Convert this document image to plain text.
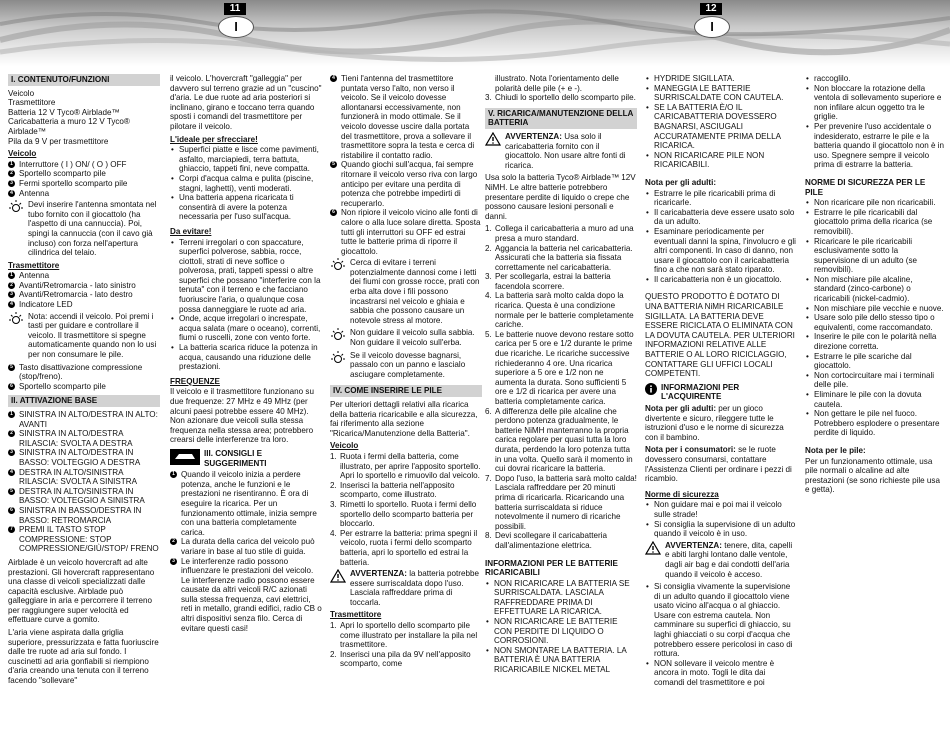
11
I
12
I
I. CONTENUTO/FUNZIONI
Veicolo
Trasmettitore
Batteria 12 V Tyco® Airblade™
Caricabatteria a muro 12 V Tyco® Airblade™
Pila da 9 V per trasmettitore
Veicolo
1 Interruttore ( I ) ON/ ( O ) OFF
2 Sportello scomparto pile
3 Fermi sportello scomparto pile
4 Antenna
Devi inserire l'antenna smontata nel tubo fornito con il giocattolo (ha l'aspetto di una cannuccia). Poi, spingi la cannuccia (con il cavo già incluso) con forza nell'apertura cilindrica del telaio.
Trasmettitore
1 Antenna
2 Avanti/Retromarcia - lato sinistro
3 Avanti/Retromarcia - lato destro
4 Indicatore LED
Nota: accendi il veicolo. Poi premi i tasti per guidare e controllare il veicolo. Il trasmettitore si spegne automaticamente quando non lo usi per non consumare le pile.
5 Tasto disattivazione compressione (stop/freno).
6 Sportello scomparto pile
II. ATTIVAZIONE BASE
1 SINISTRA IN ALTO/DESTRA IN ALTO: AVANTI
2 SINISTRA IN ALTO/DESTRA RILASCIA: SVOLTA A DESTRA
3 SINISTRA IN ALTO/DESTRA IN BASSO: VOLTEGGIO A DESTRA
4 DESTRA IN ALTO/SINISTRA RILASCIA: SVOLTA A SINISTRA
5 DESTRA IN ALTO/SINISTRA IN BASSO: VOLTEGGIO A SINISTRA
6 SINISTRA IN BASSO/DESTRA IN BASSO: RETROMARCIA
7 PREMI IL TASTO STOP COMPRESSIONE: STOP COMPRESSIONE/GIÙ/STOP/ FRENO
Airblade è un veicolo hovercraft ad alte prestazioni. Gli hovercraft rappresentano una classe di veicoli specializzati dalle capacità esclusive. Airblade può galleggiare in aria e percorrere il terreno per raggiungere super velocità ed effettuare curve a gomito.
L'aria viene aspirata dalla griglia superiore, pressurizzata e fatta fuoriuscire dalle tre ruote ad aria sul fondo. I cuscinetti ad aria gonfiabili si riempiono d'aria creando una tenuta con il terreno facendo "sollevare"
il veicolo. L'hovercraft "galleggia" per davvero sul terreno grazie ad un "cuscino" d'aria. Le due ruote ad aria posteriori si inclinano, girano e toccano terra quando sposti i comandi del trasmettitore per pilotare il veicolo.
L'ideale per sfrecciare!
• Superfici piatte e lisce come pavimenti, asfalto, marciapiedi, terra battuta, ghiaccio, tappeti fini, neve compatta.
• Corpi d'acqua calma e pulita (piscine, stagni, laghetti), venti moderati.
• Una batteria appena ricaricata ti consentirà di avere la potenza necessaria per l'uso sull'acqua.
Da evitare!
• Terreni irregolari o con spaccature, superfici polverose, sabbia, rocce, ciottoli, strati di neve soffice o polverosa, prati, tappeti spessi o altre superfici che possano "interferire con la tenuta" con il terreno e che facciano fuoriuscire l'aria, o qualunque cosa possa danneggiare le ruote ad aria.
• Onde, acque irregolari o increspate, acqua salata (mare o oceano), correnti, fiumi o ruscelli, zone con vento forte.
• La batteria scarica riduce la potenza in acqua, causando una riduzione delle prestazioni.
FREQUENZE
Il veicolo e il trasmettitore funzionano su due frequenze: 27 MHz e 49 MHz (per alcuni paesi potrebbe essere 40 MHz). Non azionare due veicoli sulla stessa frequenza nella stessa area; potrebbero crearsi delle interferenze tra loro.
III. CONSIGLI E SUGGERIMENTI
1 Quando il veicolo inizia a perdere potenza, anche le funzioni e le prestazioni ne risentiranno. È ora di eseguire la ricarica. Per un funzionamento ottimale, inizia sempre con una batteria completamente carica.
2 La durata della carica del veicolo può variare in base al tuo stile di guida.
3 Le interferenze radio possono influenzare le prestazioni del veicolo. Le interferenze radio possono essere causate da altri veicoli R/C azionati sulla stessa frequenza, cavi elettrici, reti in metallo, grandi edifici, radio CB o altri dispositivi senza filo. Cerca di evitare questi casi!
4 Tieni l'antenna del trasmettitore puntata verso l'alto, non verso il veicolo. Se il veicolo dovesse allontanarsi eccessivamente, non funzionerà in modo ottimale. Se il veicolo dovesse uscire dalla portata del trasmettitore, prova a sollevare il trasmettitore sopra la testa e cerca di ristabilire il contatto radio.
5 Quando giochi sull'acqua, fai sempre ritornare il veicolo verso riva con largo anticipo per evitare una perdita di potenza che potrebbe impedirti di recuperarlo.
6 Non ripiore il veicolo vicino alle fonti di calore o alla luce solare diretta. Sposta tutti gli interruttori su OFF ed estrai tutte le batterie prima di riporre il giocattolo.
Cerca di evitare i terreni potenzialmente dannosi come i letti dei fiumi con grosse rocce, prati con erba alta dove i fili possono incastrarsi nel veicolo e ghiaia e sabbia che possono causare un notevole stress al motore.
Non guidare il veicolo sulla sabbia. Non guidare il veicolo sull'erba.
Se il veicolo dovesse bagnarsi, passalo con un panno e lascialo asciugare completamente.
IV. COME INSERIRE LE PILE
Per ulteriori dettagli relativi alla ricarica della batteria ricaricabile e alla sicurezza, fai riferimento alla sezione "Ricarica/Manutenzione della Batteria".
Veicolo
1. Ruota i fermi della batteria, come illustrato, per aprire l'apposito sportello. Apri lo sportello e rimuovilo dal veicolo.
2. Inserisci la batteria nell'apposito scomparto, come illustrato.
3. Rimetti lo sportello. Ruota i fermi dello sportello dello scomparto batteria per bloccarlo.
4. Per estrarre la batteria: prima spegni il veicolo, ruota i fermi dello scomparto batteria, apri lo sportello ed estrai la batteria.
AVVERTENZA: la batteria potrebbe essere surriscaldata dopo l'uso. Lasciala raffreddare prima di toccarla.
Trasmettitore
1. Apri lo sportello dello scomparto pile come illustrato per installare la pila nel trasmettitore.
2. Inserisci una pila da 9V nell'apposito scomparto, come
illustrato. Nota l'orientamento delle polarità delle pile (+ e -).
3. Chiudi lo sportello dello scomparto pile.
V. RICARICA/MANUTENZIONE DELLA BATTERIA
AVVERTENZA: Usa solo il caricabatteria fornito con il giocattolo. Non usare altre fonti di ricarica.
Usa solo la batteria Tyco® Airblade™ 12V NiMH. Le altre batterie potrebbero presentare perdite di liquido o crepe che possono causare lesioni personali e danni.
1. Collega il caricabatteria a muro ad una presa a muro standard.
2. Aggancia la batteria nel caricabatteria. Assicurati che la batteria sia fissata correttamente nel caricabatteria.
3. Per scollegarla, estrai la batteria facendola scorrere.
4. La batteria sarà molto calda dopo la ricarica. Questa è una condizione normale per le batterie completamente cariche.
5. Le batterie nuove devono restare sotto carica per 5 ore e 1/2 durante le prime due ricariche. Le ricariche successive richiederanno 4 ore. Una ricarica superiore a 5 ore e 1/2 non ne aumenta la durata. Sono sufficienti 5 ore e 1/2 di ricarica per avere una batteria completamente carica.
6. A differenza delle pile alcaline che perdono potenza gradualmente, le batterie NiMH manterranno la propria carica regolare per quasi tutta la loro durata, perdendo la loro potenza tutta in una volta. Quello sarà il momento in cui dovrai ricaricare la batteria.
7. Dopo l'uso, la batteria sarà molto calda! Lasciala raffreddare per 20 minuti prima di ricaricarla. Ricaricando una batteria surriscaldata si riduce notevolmente il numero di ricariche possibili.
8. Devi scollegare il caricabatteria dall'alimentazione elettrica.
INFORMAZIONI PER LE BATTERIE RICARICABILI
• NON RICARICARE LA BATTERIA SE SURRISCALDATA. LASCIALA RAFFREDDARE PRIMA DI EFFETTUARE LA RICARICA.
• NON RICARICARE LE BATTERIE CON PERDITE DI LIQUIDO O CORROSIONI.
• NON SMONTARE LA BATTERIA. LA BATTERIA È UNA BATTERIA RICARICABILE NICKEL METAL
• HYDRIDE SIGILLATA.
• MANEGGIA LE BATTERIE SURRISCALDATE CON CAUTELA.
• SE LA BATTERIA È/O IL CARICABATTERIA DOVESSERO BAGNARSI, ASCIUGALI ACCURATAMENTE PRIMA DELLA RICARICA.
• NON RICARICARE PILE NON RICARICABILI.
Nota per gli adulti:
• Estrarre le pile ricaricabili prima di ricaricarle.
• Il caricabatteria deve essere usato solo da un adulto.
• Esaminare periodicamente per eventuali danni la spina, l'involucro e gli altri componenti. In caso di danno, non usare il giocattolo con il caricabatteria fino a che non sarà stato riparato.
• Il caricabatteria non è un giocattolo.
QUESTO PRODOTTO È DOTATO DI UNA BATTERIA NiMH RICARICABILE SIGILLATA. LA BATTERIA DEVE ESSERE RICICLATA O ELIMINATA CON LA DOVUTA CAUTELA. PER ULTERIORI INFORMAZIONI RELATIVE ALLE BATTERIE O AL LORO RICICLAGGIO, CONTATTARE GLI UFFICI LOCALI COMPETENTI.
INFORMAZIONI PER L'ACQUIRENTE
Nota per gli adulti: per un gioco divertente e sicuro, rileggere tutte le istruzioni d'uso e le norme di sicurezza con il bambino.
Nota per i consumatori: se le ruote dovessero consumarsi, contattare l'Assistenza Clienti per ordinare i pezzi di ricambio.
Norme di sicurezza
• Non guidare mai e poi mai il veicolo sulle strade!
• Si consiglia la supervisione di un adulto quando il veicolo è in uso.
AVVERTENZA: tenere, dita, capelli e abiti larghi lontano dalle ventole, dagli air bag e dai condotti dell'aria quando il veicolo è acceso.
• Si consiglia vivamente la supervisione di un adulto quando il giocattolo viene usato vicino all'acqua o al ghiaccio. Usare con estrema cautela. Non camminare su superfici di ghiaccio, su laghi ghiacciati o su corpi d'acqua che potrebbero essere pericolosi in caso di rottura.
• NON sollevare il veicolo mentre è ancora in moto. Togli le dita dai comandi del trasmettitore e poi
• raccoglilo.
• Non bloccare la rotazione della ventola di sollevamento superiore e non infilare alcun oggetto tra le griglie.
• Per prevenire l'uso accidentale o indesiderato, estrarre le pile e la batteria quando il giocattolo non è in uso. Spegnere sempre il veicolo prima di estrarre la batteria.
NORME DI SICUREZZA PER LE PILE
• Non ricaricare pile non ricaricabili.
• Estrarre le pile ricaricabili dal giocattolo prima della ricarica (se removibili).
• Ricaricare le pile ricaricabili esclusivamente sotto la supervisione di un adulto (se removibili).
• Non mischiare pile alcaline, standard (zinco-carbone) o ricaricabili (nickel-cadmio).
• Non mischiare pile vecchie e nuove.
• Usare solo pile dello stesso tipo o equivalenti, come raccomandato.
• Inserire le pile con le polarità nella direzione corretta.
• Estrarre le pile scariche dal giocattolo.
• Non cortocircuitare mai i terminali delle pile.
• Eliminare le pile con la dovuta cautela.
• Non gettare le pile nel fuoco. Potrebbero esplodere o presentare perdite di liquido.
Nota per le pile:
Per un funzionamento ottimale, usa pile normali o alcaline ad alte prestazioni (se sono richieste pile usa e getta).
